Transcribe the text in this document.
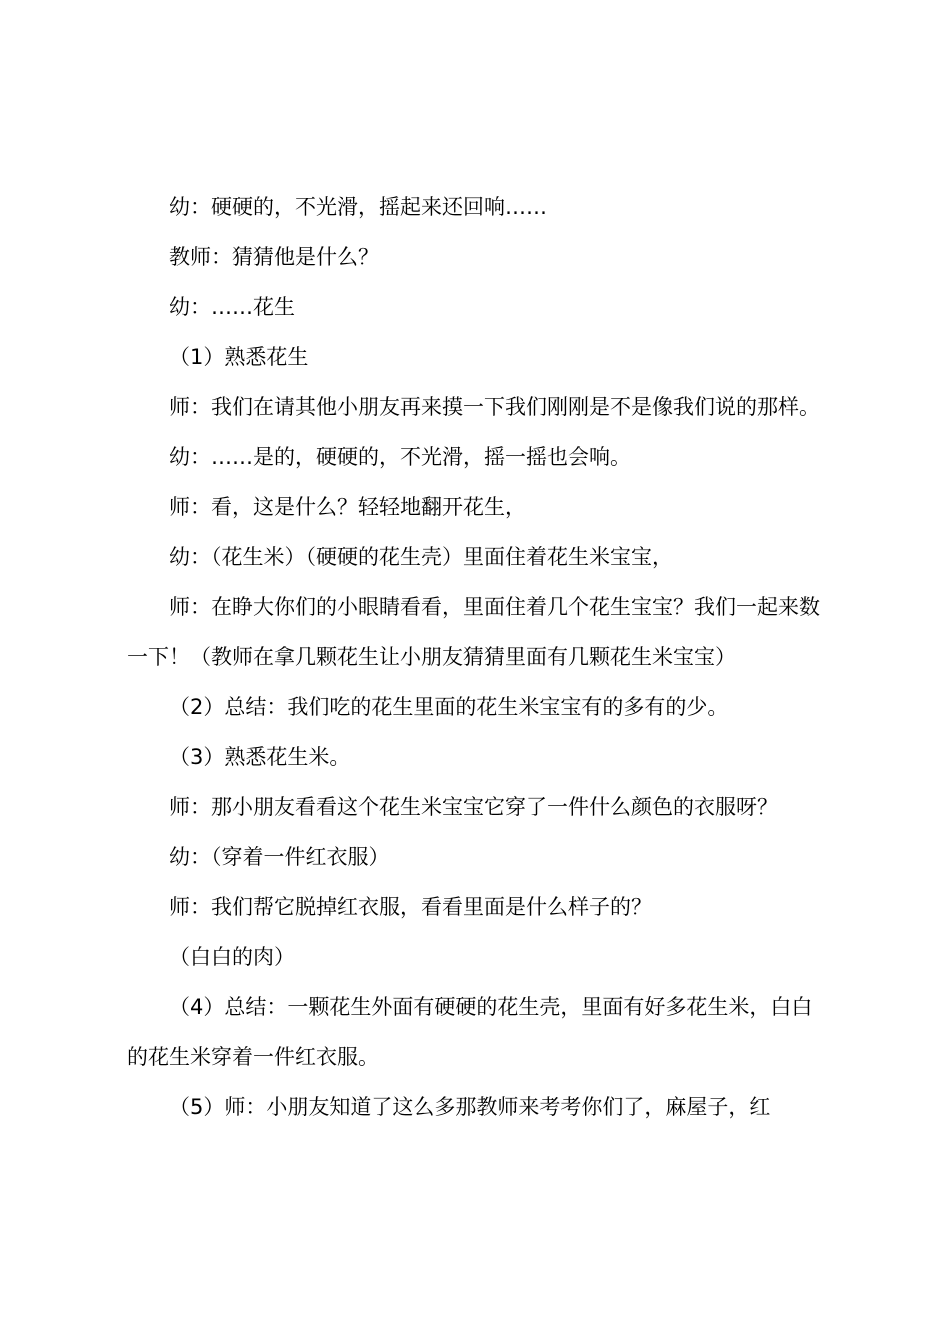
幼：硬硬的，不光滑，摇起来还回响……

教师：猜猜他是什么？

幼：……花生

（1）熟悉花生

师：我们在请其他小朋友再来摸一下我们刚刚是不是像我们说的那样。

幼：……是的，硬硬的，不光滑，摇一摇也会响。

师：看，这是什么？轻轻地翻开花生，

幼：（花生米）（硬硬的花生壳）里面住着花生米宝宝，

师：在睁大你们的小眼睛看看，里面住着几个花生宝宝？我们一起来数一下！（教师在拿几颗花生让小朋友猜猜里面有几颗花生米宝宝）

（2）总结：我们吃的花生里面的花生米宝宝有的多有的少。

（3）熟悉花生米。

师：那小朋友看看这个花生米宝宝它穿了一件什么颜色的衣服呀？

幼：（穿着一件红衣服）

师：我们帮它脱掉红衣服，看看里面是什么样子的？

（白白的肉）

（4）总结：一颗花生外面有硬硬的花生壳，里面有好多花生米，白白的花生米穿着一件红衣服。

（5）师：小朋友知道了这么多那教师来考考你们了，麻屋子，红
